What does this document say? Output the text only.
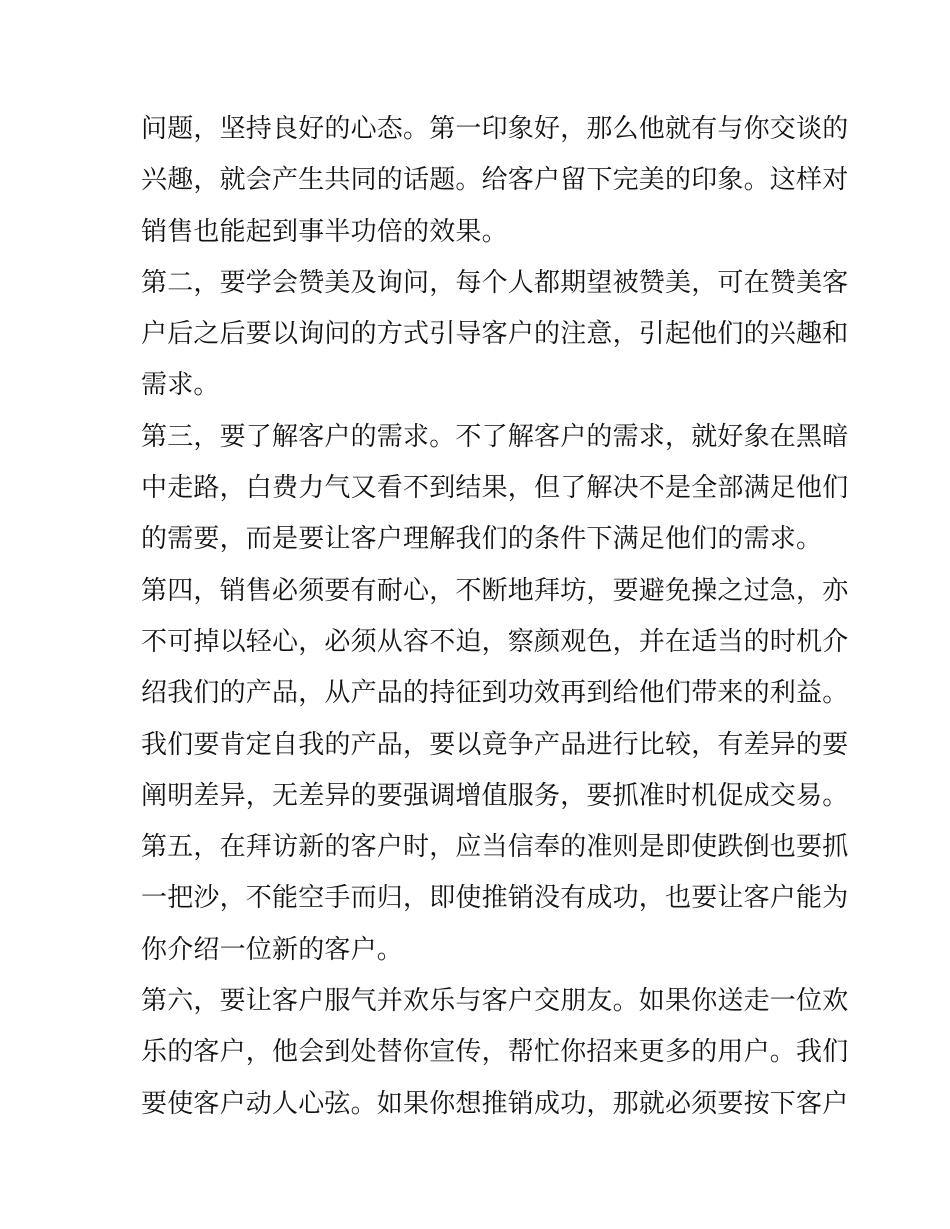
问题，坚持良好的心态。第一印象好，那么他就有与你交谈的
兴趣，就会产生共同的话题。给客户留下完美的印象。这样对
销售也能起到事半功倍的效果。
第二，要学会赞美及询问，每个人都期望被赞美，可在赞美客
户后之后要以询问的方式引导客户的注意，引起他们的兴趣和
需求。
第三，要了解客户的需求。不了解客户的需求，就好象在黑暗
中走路，白费力气又看不到结果，但了解决不是全部满足他们
的需要，而是要让客户理解我们的条件下满足他们的需求。
第四，销售必须要有耐心，不断地拜坊，要避免操之过急，亦
不可掉以轻心，必须从容不迫，察颜观色，并在适当的时机介
绍我们的产品，从产品的持征到功效再到给他们带来的利益。
我们要肯定自我的产品，要以竟争产品进行比较，有差异的要
阐明差异，无差异的要强调增值服务，要抓准时机促成交易。
第五，在拜访新的客户时，应当信奉的准则是即使跌倒也要抓
一把沙，不能空手而归，即使推销没有成功，也要让客户能为
你介绍一位新的客户。
第六，要让客户服气并欢乐与客户交朋友。如果你送走一位欢
乐的客户，他会到处替你宣传，帮忙你招来更多的用户。我们
要使客户动人心弦。如果你想推销成功，那就必须要按下客户
